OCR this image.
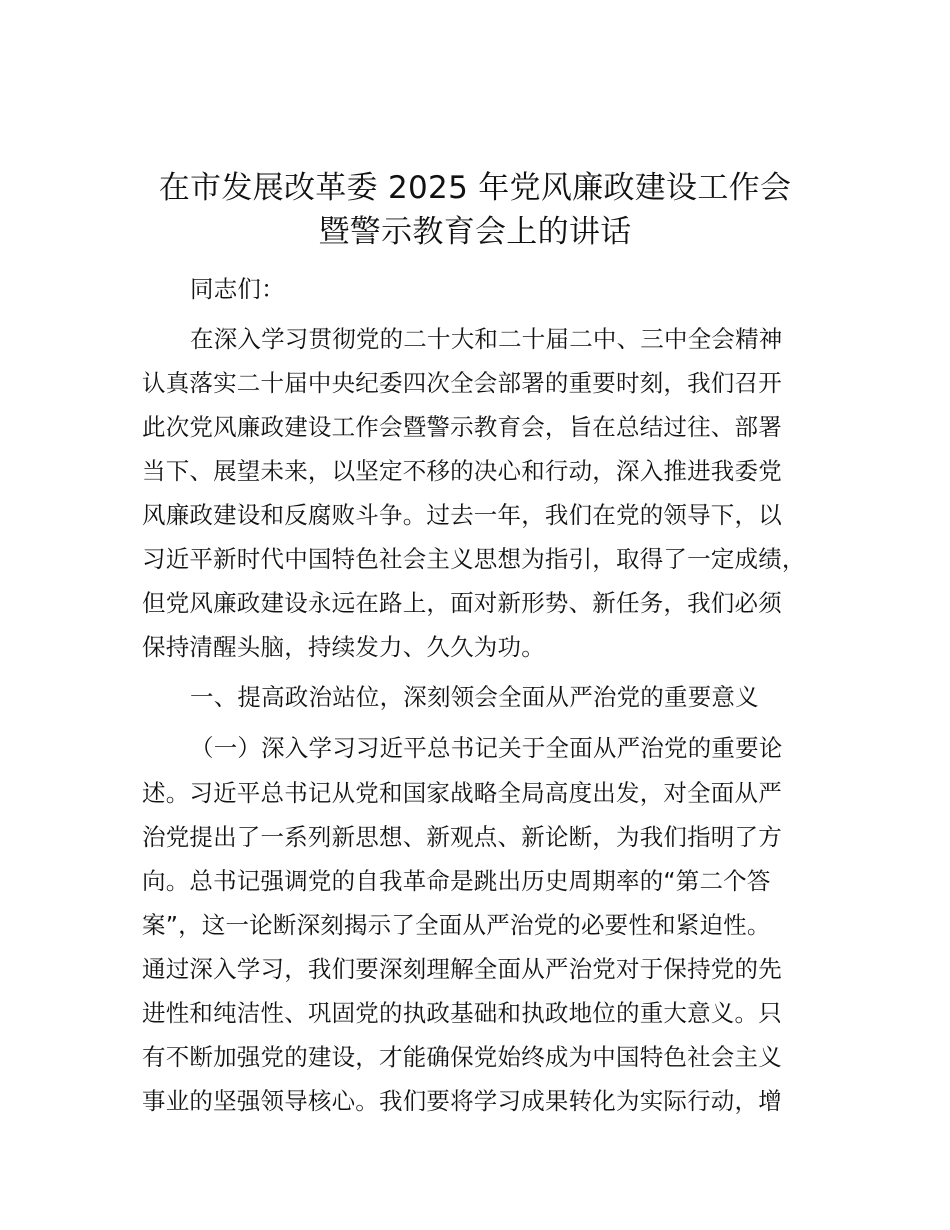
在市发展改革委 2025 年党风廉政建设工作会
暨警示教育会上的讲话
同志们：
在深入学习贯彻党的二十大和二十届二中、三中全会精神
认真落实二十届中央纪委四次全会部署的重要时刻，我们召开
此次党风廉政建设工作会暨警示教育会，旨在总结过往、部署
当下、展望未来，以坚定不移的决心和行动，深入推进我委党
风廉政建设和反腐败斗争。过去一年，我们在党的领导下，以
习近平新时代中国特色社会主义思想为指引，取得了一定成绩，
但党风廉政建设永远在路上，面对新形势、新任务，我们必须
保持清醒头脑，持续发力、久久为功。
一、提高政治站位，深刻领会全面从严治党的重要意义
（一）深入学习习近平总书记关于全面从严治党的重要论
述。习近平总书记从党和国家战略全局高度出发，对全面从严
治党提出了一系列新思想、新观点、新论断，为我们指明了方
向。总书记强调党的自我革命是跳出历史周期率的“第二个答
案”，这一论断深刻揭示了全面从严治党的必要性和紧迫性。
通过深入学习，我们要深刻理解全面从严治党对于保持党的先
进性和纯洁性、巩固党的执政基础和执政地位的重大意义。只
有不断加强党的建设，才能确保党始终成为中国特色社会主义
事业的坚强领导核心。我们要将学习成果转化为实际行动，增
